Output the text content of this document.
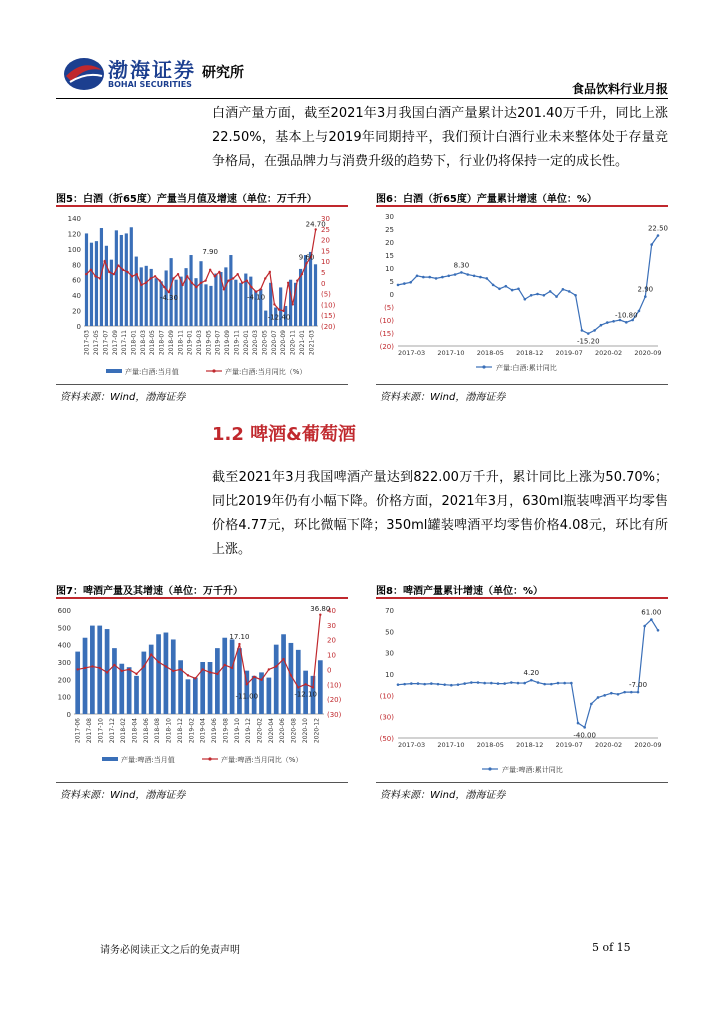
渤海证券
BOHAI SECURITIES
研究所
食品饮料行业月报
白酒产量方面，截至2021年3月我国白酒产量累计达201.40万千升，同比上涨22.50%，基本上与2019年同期持平，我们预计白酒行业未来整体处于存量竞争格局，在强品牌力与消费升级的趋势下，行业仍将保持一定的成长性。
图5：白酒（折65度）产量当月值及增速（单位：万千升）
0
20
40
60
80
100
120
140
(20)
(15)
(10)
(5)
0
5
10
15
20
25
30
2017-03 2017-05 2017-07 2017-09 2017-11 2018-01 2018-03 2018-05 2018-07 2018-09 2018-11 2019-01 2019-03 2019-05 2019-07 2019-09 2019-11 2020-01 2020-03 2020-05 2020-07 2020-09 2020-11 2021-01 2021-03
24.70
9.60
7.90
-4.30	-4.10
-12.40
产量:白酒:当月值	产量:白酒:当月同比（%）
资料来源：Wind，渤海证券
图6：白酒（折65度）产量累计增速（单位：%）
(20)
(15)
(10)
(5)
0
5
10
15
20
25
30
2017-03 2017-10 2018-05 2018-12 2019-07 2020-02 2020-09
8.30
-15.20
-10.80
2.90
22.50
产量:白酒:累计同比
资料来源：Wind，渤海证券
1.2 啤酒&葡萄酒
截至2021年3月我国啤酒产量达到822.00万千升，累计同比上涨为50.70%；同比2019年仍有小幅下降。价格方面，2021年3月，630ml瓶装啤酒平均零售价格4.77元，环比微幅下降；350ml罐装啤酒平均零售价格4.08元，环比有所上涨。
图7：啤酒产量及其增速（单位：万千升）
0
100
200
300
400
500
600
(30)
(20)
(10)
0
10
20
30
40
2017-06 2017-08 2017-10 2017-12 2018-02 2018-04 2018-06 2018-08 2018-10 2018-12 2019-02 2019-04 2019-06 2019-08 2019-10 2019-12 2020-02 2020-04 2020-06 2020-08 2020-10 2020-12
36.80
17.10
-11.00	-12.10
产量:啤酒:当月值	产量:啤酒:当月同比（%）
资料来源：Wind，渤海证券
图8：啤酒产量累计增速（单位：%）
(50)
(30)
(10)
10
30
50
70
2017-03 2017-10 2018-05 2018-12 2019-07 2020-02 2020-09
61.00
4.20
-40.00
-7.00
产量:啤酒:累计同比
资料来源：Wind，渤海证券
请务必阅读正文之后的免责声明	5 of 15
